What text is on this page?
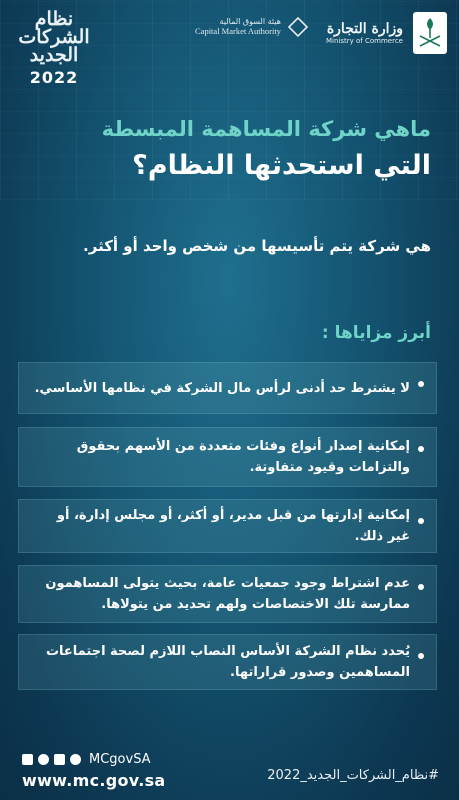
نظام الشركات الجديد
2022
هيئة السوق المالية
Capital Market Authority	وزارة التجارة
Ministry of Commerce
ماهي شركة المساهمة المبسطة
التي استحدثها النظام؟
هي شركة يتم تأسيسها من شخص واحد أو أكثر.
أبرز مزاياها :
لا يشترط حد أدنى لرأس مال الشركة في نظامها الأساسي.
إمكانية إصدار أنواع وفئات متعددة من الأسهم بحقوق والتزامات وقيود متفاوتة.
إمكانية إدارتها من قبل مدير، أو أكثر، أو مجلس إدارة، أو غير ذلك.
عدم اشتراط وجود جمعيات عامة، بحيث يتولى المساهمون ممارسة تلك الاختصاصات ولهم تحديد من يتولاها.
يُحدد نظام الشركة الأساس النصاب اللازم لصحة اجتماعات المساهمين وصدور قراراتها.
MCgovSA
www.mc.gov.sa	#نظام_الشركات_الجديد_2022
